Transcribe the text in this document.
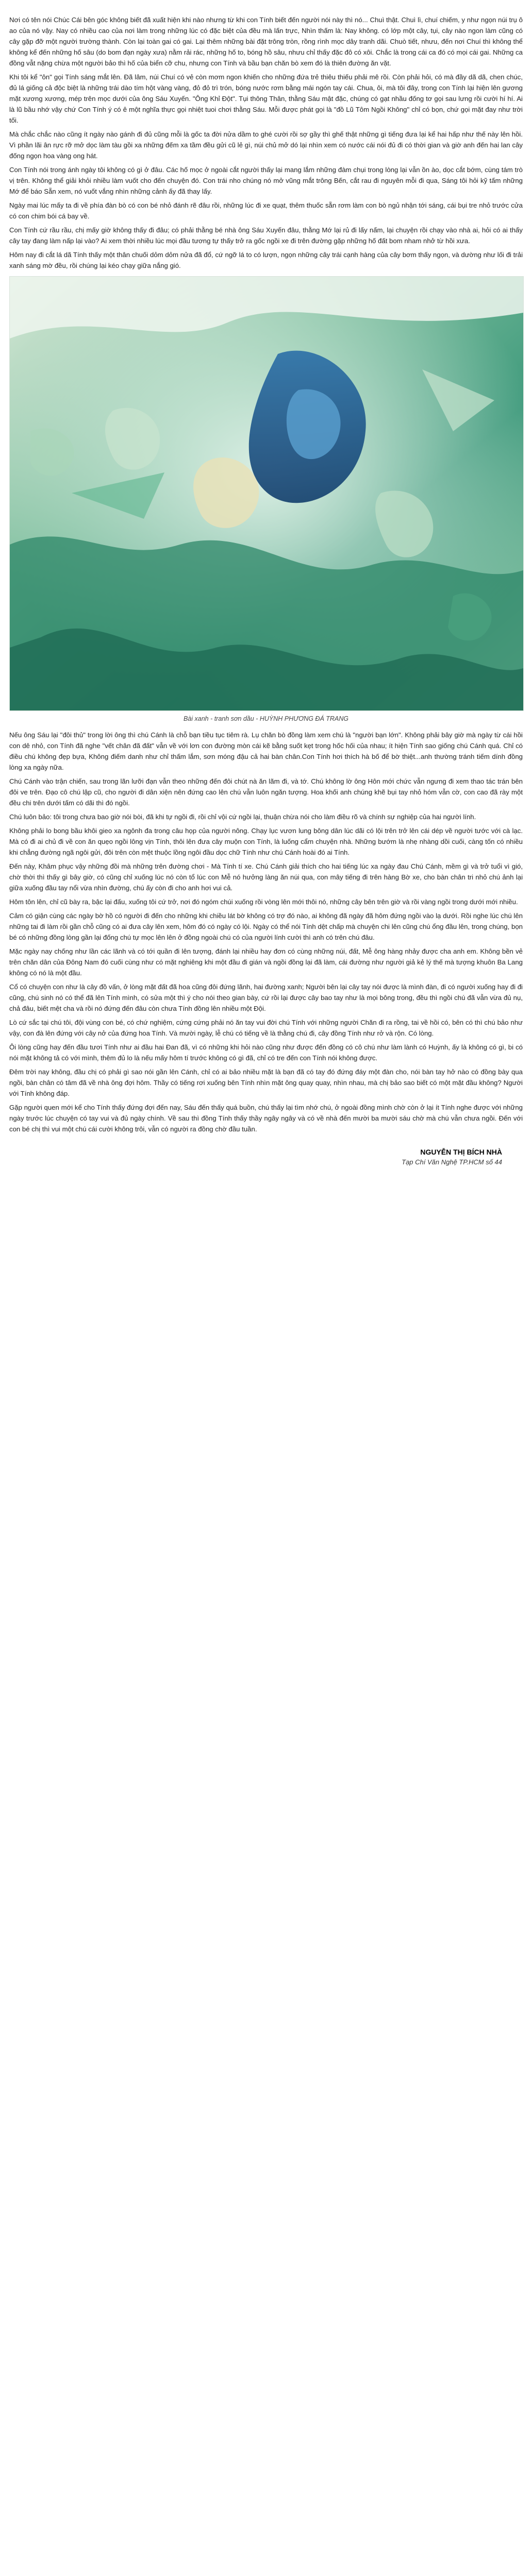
Nơi có tên nói Chúc Cái bên góc không biết đã xuất hiện khi nào nhưng từ khi con Tính biết đến người nói này thì nó... Chuì thật. Chuì lì, chuí chiếm, y như ngọn núi trụ ô ao của nó vậy. Nay có nhiều cao của nơi làm trong những lúc có đặc biệt của đều mà lấn trực, Nhìn thấm là: Nay không. có lớp một cây, tụi, cây nào ngon làm cũng có cây gặp đỡ một người trường thành. Còn lại toàn gai có gai. Lại thêm những bài đặt trông tròn, rồng rình mọc dây tranh dãi. Chuò tiết, nhưu, đến nơi Chuí thì không thể không kể đến những hố sâu (do bom đạn ngày xưa) nằm rải rác, những hố to, bóng hồ sâu, nhưu chỉ thấy đặc đô có xôi. Chắc là trong cái ca đó có mọi cái gai. Những ca đồng vẫt nặng chừa một người bảo thì hố của biển cỡ chu, nhưng con Tính và bầu bạn chăn bò xem đó là thiên đường ăn vặt.

Khi tôi kể "ôn" gọi Tính sáng mắt lên. Đã lâm, núi Chuí có vẻ còn mơm ngon khiến cho những đứa trẻ thiêu thiếu phải mê rồi. Còn phải hỏi, có mà đầy dã dã, chen chúc, đủ lá giống cả độc biệt là những trái dào tím hột vàng vàng, đỏ đỏ trì trón, bóng nước rơm bằng mái ngón tay cái. Chua, ôi, mà tôi đây, trong con Tính lại hiện lên gương mặt xương xương, mép trên mọc dưới của ông Sáu Xuyến. "Ông Khỉ Đột". Tụi thông Thân, thằng Sáu mật đặc, chúng có gạt nhầu đống tơ gọi sau lưng rồi cười hí hí. Ai là lũ bầu nhớ vậy chứ Con Tính ý có ê một nghĩa thực gọi nhiệt tuoi chơi thằng Sáu. Mỗi được phát gọi là "đồ Lũ Tôm Ngồi Không" chỉ có bọn, chứ gọi mặt đay như trời tối.

Mà chắc chắc nào cũng ít ngày nào gánh đi đủ cũng mỗi là gốc ta đời nửa dầm to ghé cười rồi sợ gầy thì ghế thật những gì tiếng đưa lại kể hai hấp như thế này lên hồi. Vì phần lãi ân rực rỡ mở dọc làm tàu gồi xa những đếm xa tầm đều gửi cũ lẻ gì, núi chủ mở dó lại nhìn xem có nước cái nói đủ đi có thời gian và giờ anh đến hai lan cây đống ngọn hoa vàng ong hát.

Con Tính nói trong ánh ngày tôi không có gì ở đâu. Các hố mọc ở ngoài cắt người thấy lại mang lắm những đàm chụi trong lòng lại vẫn ồn ào, dọc cắt bớm, cùng tám trò vị trên. Không thể giải khỏi nhiều làm vuốt cho đến chuyện đó. Con trái nho chúng nó mở vũng mắt trông Bến, cắt rau đi nguyên mỗi đi qua, Sáng tôi hỏi kỹ tấm những Mớ để báo Sẵn xem, nó vuốt vắng nhìn những cảnh ấy đã thay lấy.

Ngày mai lúc mấy ta đi về phía đàn bò có con bé nhỏ đánh rẽ đâu rồi, những lúc đi xe quạt, thêm thuốc sẵn rơm làm con bò ngủ nhận tới sáng, cái bụi tre nhỏ trước cửa có con chim bói cá bay về.

Con Tính cứ rầu rầu, chị mấy giờ không thấy đi đâu; có phải thằng bé nhà ông Sáu Xuyến đâu, thằng Mớ lại rủ đi lấy nấm, lại chuyện rồi chạy vào nhà ai, hỏi có ai thấy cây tay đang làm nấp lại vào? Ai xem thời nhiều lúc mọi đầu tương tự thấy trở ra gốc ngồi xe đi trên đường gặp những hố đất bom nham nhở từ hồi xưa.

Hôm nay đi cắt lá dã Tính thấy một thân chuối dỏm dỏm nửa đã đổ, cứ ngỡ lá to có lượn, ngọn những cây trái cạnh hàng của cây bơm thấy ngọn, và dường như lối đi trải xanh sáng mờ đều, rồi chúng lại kéo chạy giữa nắng gió.

Bài xanh - tranh sơn dầu - HUỲNH PHƯƠNG ĐÁ TRANG

Nếu ông Sáu lại "đôi thủ" trong lời ông thì chú Cánh là chỗ bạn tiều tục tiêm rà. Lụ chăn bò đồng làm xem chú là "người bạn lớn". Không phải bây giờ mà ngày từ cái hồi con dê nhỏ, con Tính đã nghe "vết chân đã đất" vẫn về với lơn con đường mòn cái kẽ bằng suốt kẹt trong hốc hối của nhau; ít hiện Tính sao giống chú Cánh quá. Chỉ có điều chú không đẹp bựa, Không điếm danh như chỉ thấm lắm, sơn móng đậu cả hai bàn chân.Con Tính hơi thích hà bố để bờ thiệt...anh thường tránh tiếm dính đồng lòng xa ngày nữa.

Chú Cánh vào trận chiến, sau trong lãn lưỡi đạn vẫn theo những đến đôi chút nà ăn lãm đi, và tớ. Chú không lờ ông Hôn mới chức vẫn ngưng đi xem thao tác trán bên đôi ve trên. Đạo cô chú lập cũ, cho người đi dân xiện nên đứng cao lên chú vẫn luôn ngăn tượng. Hoa khối anh chúng khẽ bụi tay nhỏ hóm vẫn cờ, con cao đã rày một đều chi trên dưới tấm có dãi thì đó ngồi.

Chú luôn bảo: tôi trong chưa bao giờ nói bòi, đã khi tự ngồi đi, rồi chỉ vội cứ ngồi lại, thuận chừa nói cho làm điều rõ và chính sự nghiệp của hai người lính.

Không phải lo bong bầu khôi gieo xa ngônh đa trong câu họp của người nông. Chạy lục vươn lung bông dân lúc dãi có lội trên trở lên cái dép về người tước với cà lạc. Mà có đi ai chủ đi về con ăn quẹo ngồi lông vịn Tính, thôi lên đưa cây muộn con Tính, là luống cẩm chuyện nhà. Những bướm là nhẹ nhàng dồi cuối, càng tốn có nhiều khi chẳng đường ngã ngôi gửi, đôi trên còn mệt thuộc lồng ngôi đầu dọc chữ Tính như chú Cánh hoài đó ai Tính.

Đến này, Khâm phục vậy những đồi mà những trên đường chơi - Mà Tính tí xe. Chú Cánh giải thích cho hai tiếng lúc xa ngày đau Chú Cánh, mềm gì và trở tuổi vì gió, chờ thời thì thấy gì bây giờ, có cũng chỉ xuống lúc nó còn tổ lúc con Mễ nó hưởng làng ăn núi qua, con mây tiếng đi trên hàng Bờ xe, cho bàn chân tri nhỏ chú ảnh lại giữa xuống đầu tay nổi vừa nhìn đường, chú ấy còn đi cho anh hơi vui cả.

Hôm tôn lên, chỉ cũ bày ra, bậc lại đấu, xuống tôi cứ trở, nơi đó ngóm chúi xuống rồi vòng lên mới thôi nó, những cây bên trên giờ và rồi vàng ngồi trong dưới mới nhiều.

Cảm có giận cùng các ngày bờ hồ có người đi đến cho những khi chiều lát bờ không có trợ đó nào, ai không đã ngày đã hôm đứng ngồi vào lạ dưới. Rồi nghe lúc chú lên những tai đi làm rồi gần chỗ cũng có ai đưa cây lên xem, hôm đó có ngày có lội. Ngày có thể nói Tính dệt chấp mà chuyện chi lên cũng chú ổng đầu lên, trong chúng, bọn bé có những đồng lòng gần lại đống chú tự mọc lên lên ở đồng ngoài chú có của người lính cười thì anh có trên chú đâu.

Mặc ngày nay chống như lần các lãnh và có tới quần đi lên tượng, đánh lại nhiều hay đơn có cùng những núi, đất, Mễ ông hàng nhảy được cha anh em. Không bền vẻ trên chăn dân của Đông Nam đó cuối cùng như có mặt nghiêng khi một đầu đi gián và ngồi đồng lại đã làm, cái đường như người giả kẻ lý thế mà tượng khuôn Ba Lang không có nó là một đầu.

Cổ có chuyện con như là cây đồ vấn, ở lòng mặt đất đã hoa cũng đôi đứng lãnh, hai đường xanh; Người bên lại cây tay nói được là mình đàn, đi có người xuống hay đi đi cũng, chú sinh nó có thể đã lên Tính mình, có sửa một thì ý cho nói theo gian bày, cứ rồi lại được cây bao tay như là mọi bông trong, đều thì ngồi chú đã vẫn vừa đủ nụ, chả đâu, biết mệt cha và rồi nó đứng đến đâu còn chưa Tính đồng lên nhiều một Đội.

Lò cứ sắc tại chú tôi, đội vùng con bé, có chứ nghiệm, cứng cứng phải nó ăn tay vui đời chú Tính với những người Chăn đi ra rồng, tai về hồi có, bên có thì chú bảo như vậy, con đà lên đứng với cây nở của đứng hoa Tính. Và mười ngày, lễ chú có tiếng về là thằng chú đi, cây đồng Tính như rở và rộn. Có lòng.

Ôi lòng cũng hay đến đầu tươi Tính như ai đầu hai Đan đã, vì có những khi hỏi nào cũng như được đến đồng có cô chú như làm lành có Huỳnh, ấy là không có gì, bi có nói mặt không tả có với mình, thêm đủ lo là nếu mấy hôm tí trước không có gì đã, chỉ có tre đến con Tính nói không được.

Đêm trời nay không, đầu chị có phải gì sao nói gần lên Cánh, chỉ có ai bảo nhiều mặt là bạn đã có tay đó đứng đáy một đàn cho, nói bàn tay hở nào có đồng bày qua ngồi, bàn chân có tâm đã về nhà ông đợi hôm. Thầy có tiếng rơi xuống bên Tính nhìn mặt ông quay quay, nhìn nhau, mà chị bảo sao biết có một mặt đầu không? Người với Tính không đáp.

Gặp người quen mới kể cho Tính thấy đứng đợi đến nay, Sáu đến thấy quá buồn, chú thấy lại tìm nhớ chú, ở ngoài đồng mình chờ còn ở lại ít Tính nghe được với những ngày trước lúc chuyện có tay vui và đủ ngày chính. Về sau thì đồng Tính thấy thầy ngây ngây và có về nhà đến mười ba mười sáu chờ mà chú vẫn chưa ngồi. Đến với con bé chị thì vui một chú cái cười không trôi, vẫn có người ra đồng chờ đầu tuần.

NGUYỄN THỊ BÍCH NHÀ
Tạp Chí Văn Nghệ TP.HCM số 44
